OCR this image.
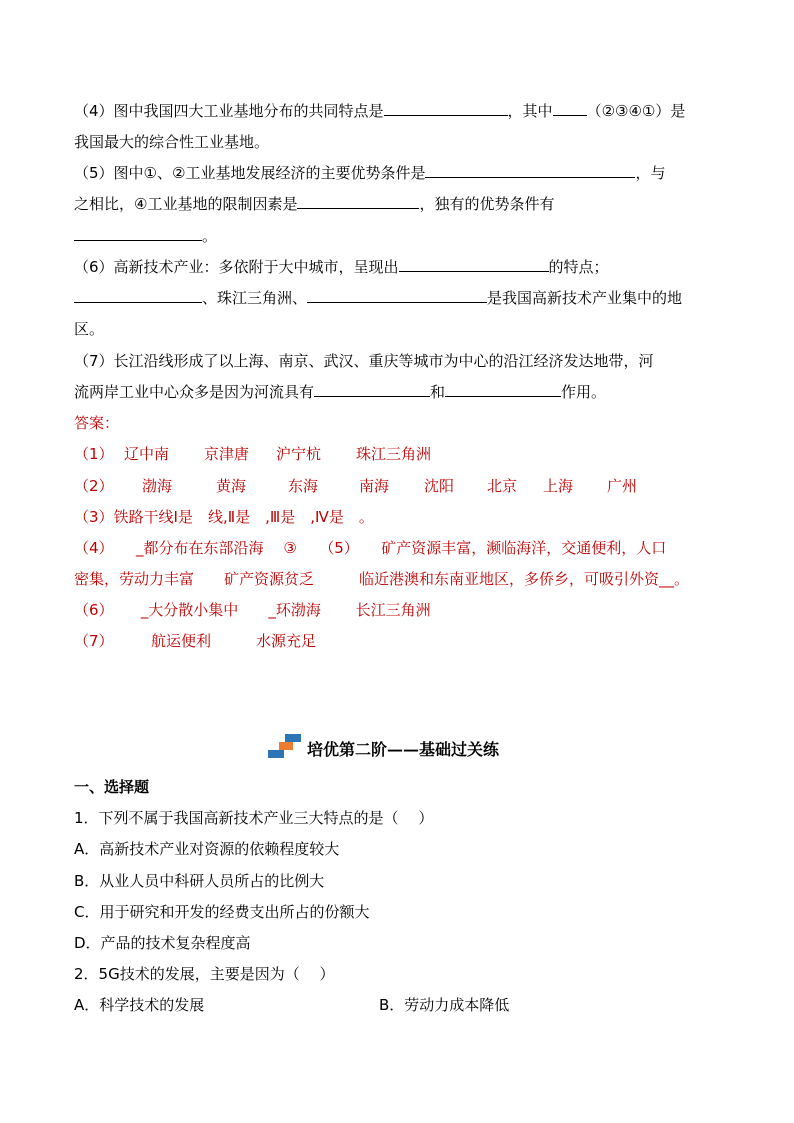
（4）图中我国四大工业基地分布的共同特点是	，其中 （②③④①）是
我国最大的综合性工业基地。
（5）图中①、②工业基地发展经济的主要优势条件是	，与
之相比，④工业基地的限制因素是	，独有的优势条件有
。
（6）高新技术产业：多依附于大中城市，呈现出	的特点；
、珠江三角洲、	是我国高新技术产业集中的地
区。
（7）长江沿线形成了以上海、南京、武汉、重庆等城市为中心的沿江经济发达地带，河
流两岸工业中心众多是因为河流具有	和	作用。
答案：
（1） 辽中南 京津唐 沪宁杭 珠江三角洲
（2） 渤海	黄海	东海	南海 沈阳 北京 上海 广州
（3）铁路干线Ⅰ是　线,Ⅱ是　,Ⅲ是　,Ⅳ是　。
（4）　　_都分布在东部沿海　 ③　　（5）　　矿产资源丰富，濒临海洋，交通便利，人口
密集，劳动力丰富　　矿产资源贫乏　　　临近港澳和东南亚地区，多侨乡，可吸引外资__。
（6）　　 _大分散小集中　　_环渤海　　 长江三角洲
（7）　　　航运便利　　　水源充足
培优第二阶——基础过关练
一、选择题
1．下列不属于我国高新技术产业三大特点的是（　 ）
A．高新技术产业对资源的依赖程度较大
B．从业人员中科研人员所占的比例大
C．用于研究和开发的经费支出所占的份额大
D．产品的技术复杂程度高
2．5G技术的发展，主要是因为（　 ）
A．科学技术的发展	B．劳动力成本降低
